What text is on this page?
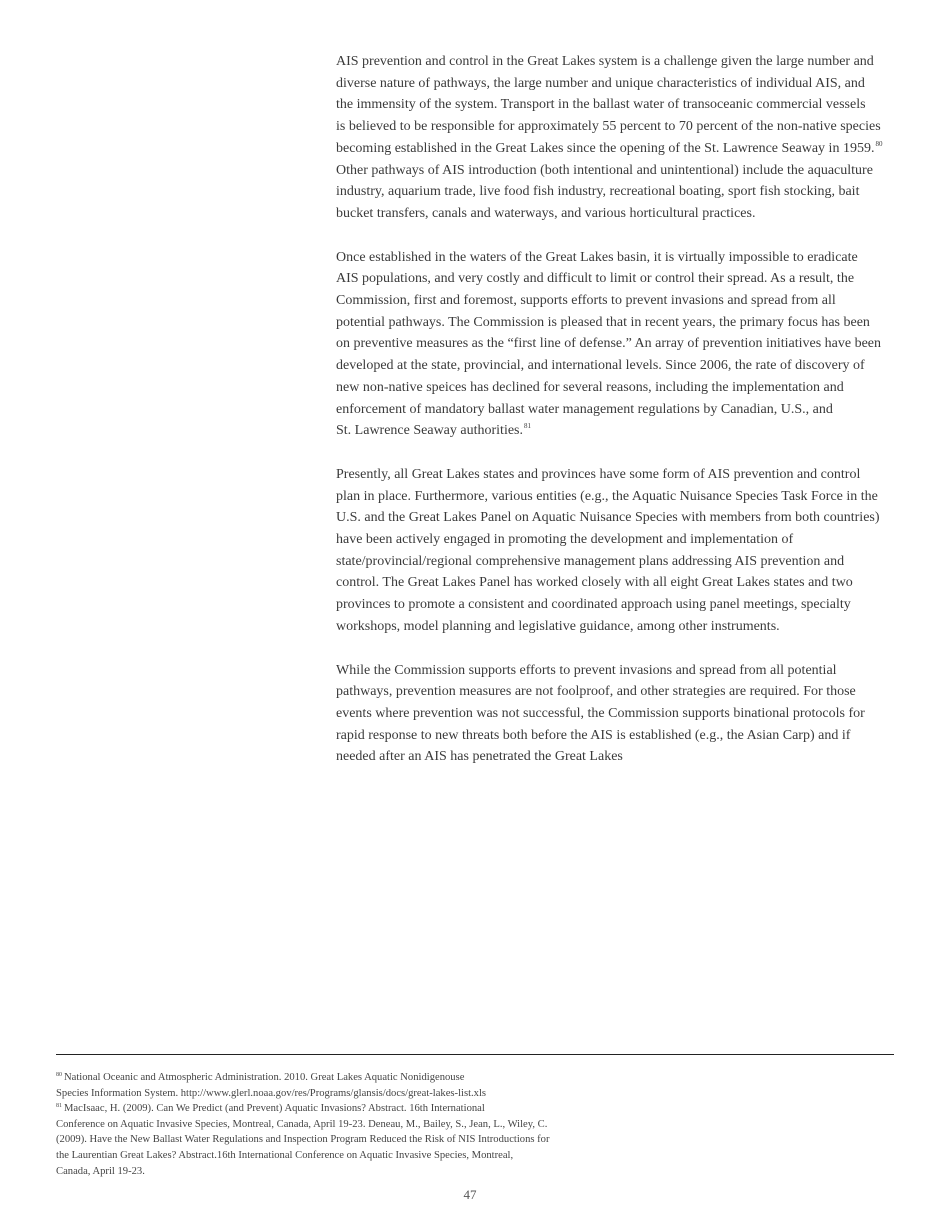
AIS prevention and control in the Great Lakes system is a challenge given the large number and
diverse nature of pathways, the large number and unique characteristics of individual AIS, and
the immensity of the system. Transport in the ballast water of transoceanic commercial vessels
is believed to be responsible for approximately 55 percent to 70 percent of the non-native species
becoming established in the Great Lakes since the opening of the St. Lawrence Seaway in 1959.80
Other pathways of AIS introduction (both intentional and unintentional) include the aquaculture
industry, aquarium trade, live food fish industry, recreational boating, sport fish stocking, bait
bucket transfers, canals and waterways, and various horticultural practices.

Once established in the waters of the Great Lakes basin, it is virtually impossible to eradicate
AIS populations, and very costly and difficult to limit or control their spread. As a result, the
Commission, first and foremost, supports efforts to prevent invasions and spread from all
potential pathways. The Commission is pleased that in recent years, the primary focus has been
on preventive measures as the “first line of defense.” An array of prevention initiatives have been
developed at the state, provincial, and international levels. Since 2006, the rate of discovery of
new non-native speices has declined for several reasons, including the implementation and
enforcement of mandatory ballast water management regulations by Canadian, U.S., and
St. Lawrence Seaway authorities.$^{81}$

Presently, all Great Lakes states and provinces have some form of AIS prevention and control
plan in place. Furthermore, various entities (e.g., the Aquatic Nuisance Species Task Force in the
U.S. and the Great Lakes Panel on Aquatic Nuisance Species with members from both countries)
have been actively engaged in promoting the development and implementation of
state/provincial/regional comprehensive management plans addressing AIS prevention and
control. The Great Lakes Panel has worked closely with all eight Great Lakes states and two
provinces to promote a consistent and coordinated approach using panel meetings, specialty
workshops, model planning and legislative guidance, among other instruments.

While the Commission supports efforts to prevent invasions and spread from all potential
pathways, prevention measures are not foolproof, and other strategies are required. For those
events where prevention was not successful, the Commission supports binational protocols for
rapid response to new threats both before the AIS is established (e.g., the Asian Carp) and if
needed after an AIS has penetrated the Great Lakes

$^{80}$ National Oceanic and Atmospheric Administration. 2010. Great Lakes Aquatic Nonidigenouse
Species Information System. http://www.glerl.noaa.gov/res/Programs/glansis/docs/great-lakes-list.xls
$^{81}$ MacIsaac, H. (2009). Can We Predict (and Prevent) Aquatic Invasions? Abstract. 16th International
Conference on Aquatic Invasive Species, Montreal, Canada, April 19-23. Deneau, M., Bailey, S., Jean, L., Wiley, C.
(2009). Have the New Ballast Water Regulations and Inspection Program Reduced the Risk of NIS Introductions for
the Laurentian Great Lakes? Abstract.16th International Conference on Aquatic Invasive Species, Montreal,
Canada, April 19-23.
47
